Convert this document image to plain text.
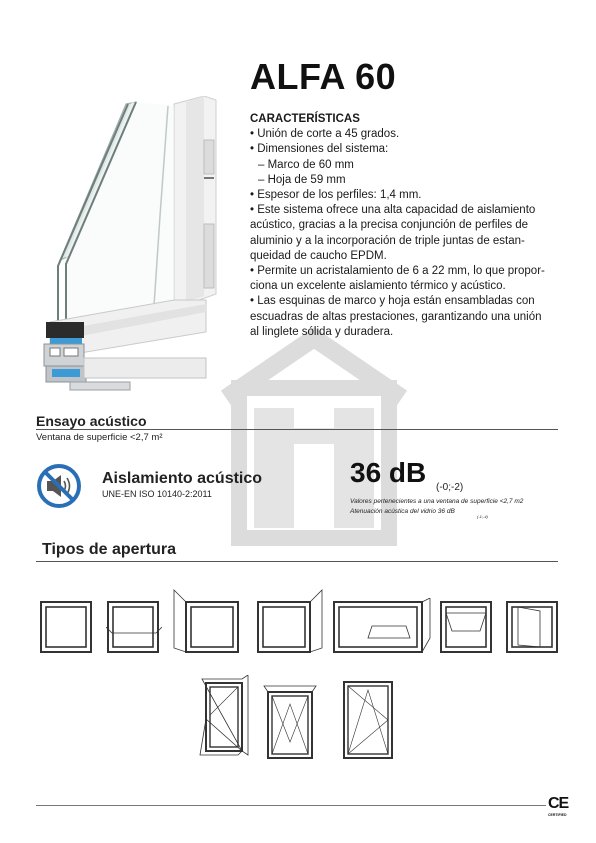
ALFA 60
CARACTERÍSTICAS
• Unión de corte a 45 grados.
• Dimensiones del sistema:
– Marco de 60 mm
– Hoja de 59 mm
• Espesor de los perfiles: 1,4 mm.
• Este sistema ofrece una alta capacidad de aislamiento
acústico, gracias a la precisa conjunción de perfiles de
aluminio y a la incorporación de triple juntas de estan-
queidad de caucho EPDM.
• Permite un acristalamiento de 6 a 22 mm, lo que propor-
ciona un excelente aislamiento térmico y acústico.
• Las esquinas de marco y hoja están ensambladas con
escuadras de altas prestaciones, garantizando una unión
al linglete sólida y duradera.
Ensayo acústico
Ventana de superficie <2,7 m²
Aislamiento acústico
UNE-EN ISO 10140-2:2011
36 dB (-0;-2)
Valores pertenecientes a una ventana de superficie <2,7 m2
Atenuación acústica del vidrio 36 dB
(-1;-4)
Tipos de apertura
CE
CERTIFIED
